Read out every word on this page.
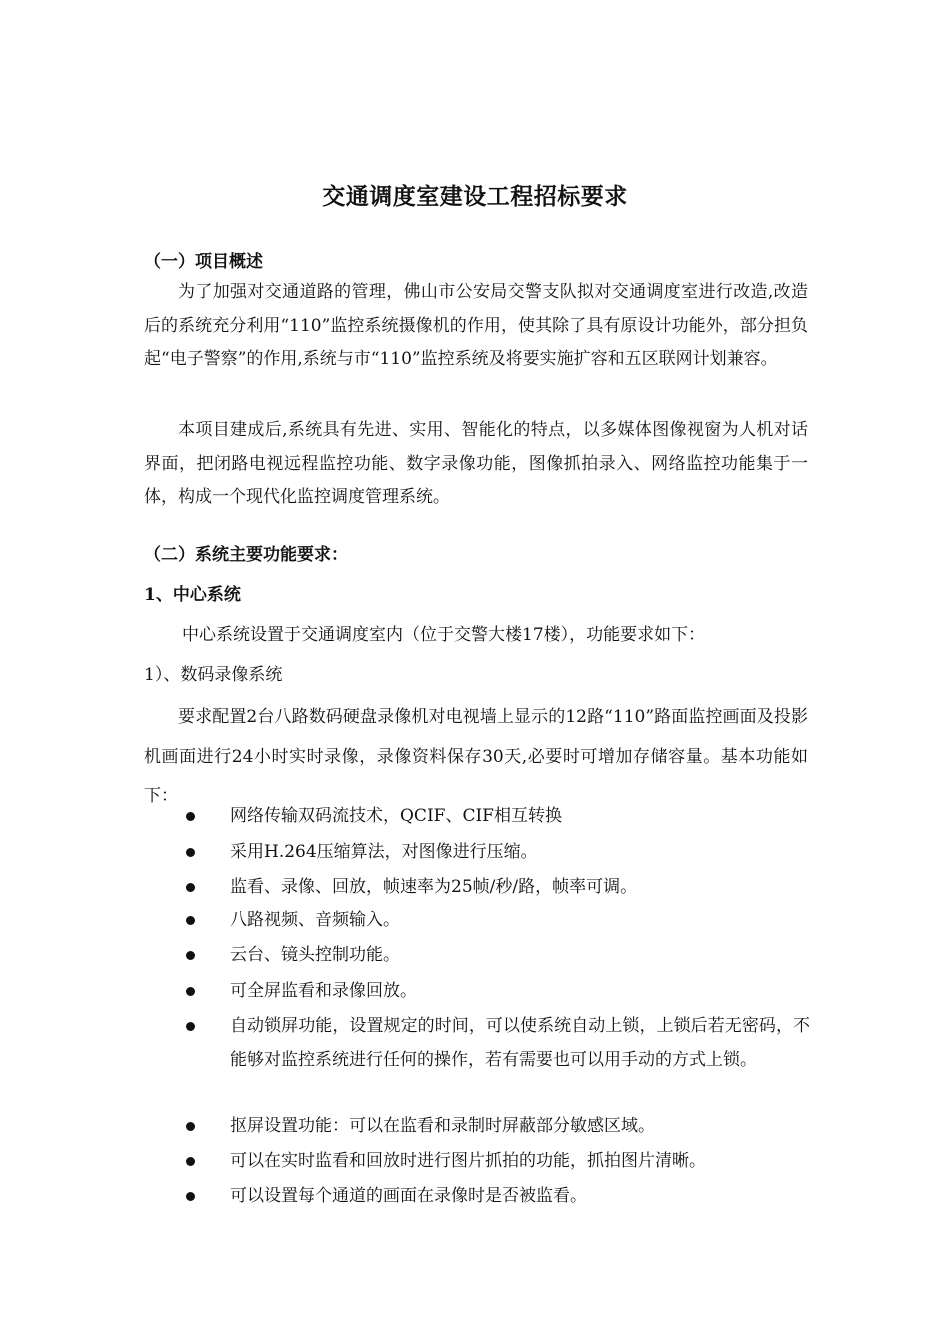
交通调度室建设工程招标要求
（一）项目概述

为了加强对交通道路的管理，佛山市公安局交警支队拟对交通调度室进行改造,改造后的系统充分利用“110”监控系统摄像机的作用，使其除了具有原设计功能外，部分担负起“电子警察”的作用,系统与市“110”监控系统及将要实施扩容和五区联网计划兼容。

本项目建成后,系统具有先进、实用、智能化的特点，以多媒体图像视窗为人机对话界面，把闭路电视远程监控功能、数字录像功能，图像抓拍录入、网络监控功能集于一体，构成一个现代化监控调度管理系统。

（二）系统主要功能要求：
1、中心系统
中心系统设置于交通调度室内（位于交警大楼17楼），功能要求如下：
1）、数码录像系统

要求配置2台八路数码硬盘录像机对电视墙上显示的12路“110”路面监控画面及投影机画面进行24小时实时录像，录像资料保存30天,必要时可增加存储容量。基本功能如下：

网络传输双码流技术，QCIF、CIF相互转换
采用H.264压缩算法，对图像进行压缩。
监看、录像、回放，帧速率为25帧/秒/路，帧率可调。
八路视频、音频输入。
云台、镜头控制功能。
可全屏监看和录像回放。
自动锁屏功能，设置规定的时间，可以使系统自动上锁，上锁后若无密码，不能够对监控系统进行任何的操作，若有需要也可以用手动的方式上锁。
抠屏设置功能：可以在监看和录制时屏蔽部分敏感区域。
可以在实时监看和回放时进行图片抓拍的功能，抓拍图片清晰。
可以设置每个通道的画面在录像时是否被监看。
